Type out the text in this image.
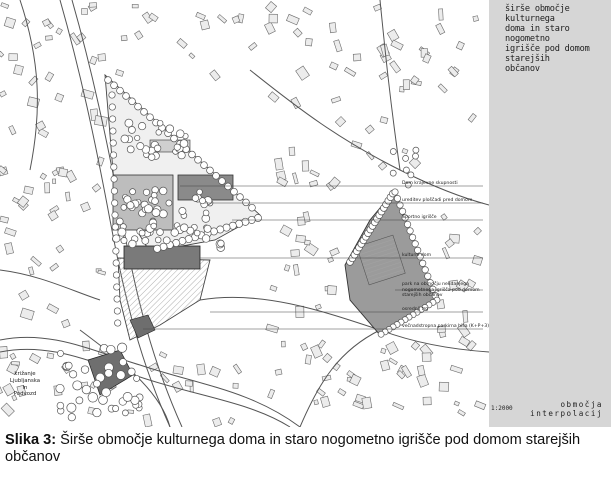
Dom krajevne skupnosti
ureditev ploščadi pred domom
Športno igrišče
kulturni dom
park na območju nekdanjega nogometnega igrišča pod domom starejših občanov
osrednji trg
večnadstropna parkirna hiša (K+P+3)
križanje
Ljubljanska in
Podvozd
širše območje kulturnega
doma in staro nogometno
igrišče pod domom starejših
občanov
območja
interpolacij
1:2000
Slika 3: Širše območje kulturnega doma in staro nogometno igrišče pod domom starejših občanov
